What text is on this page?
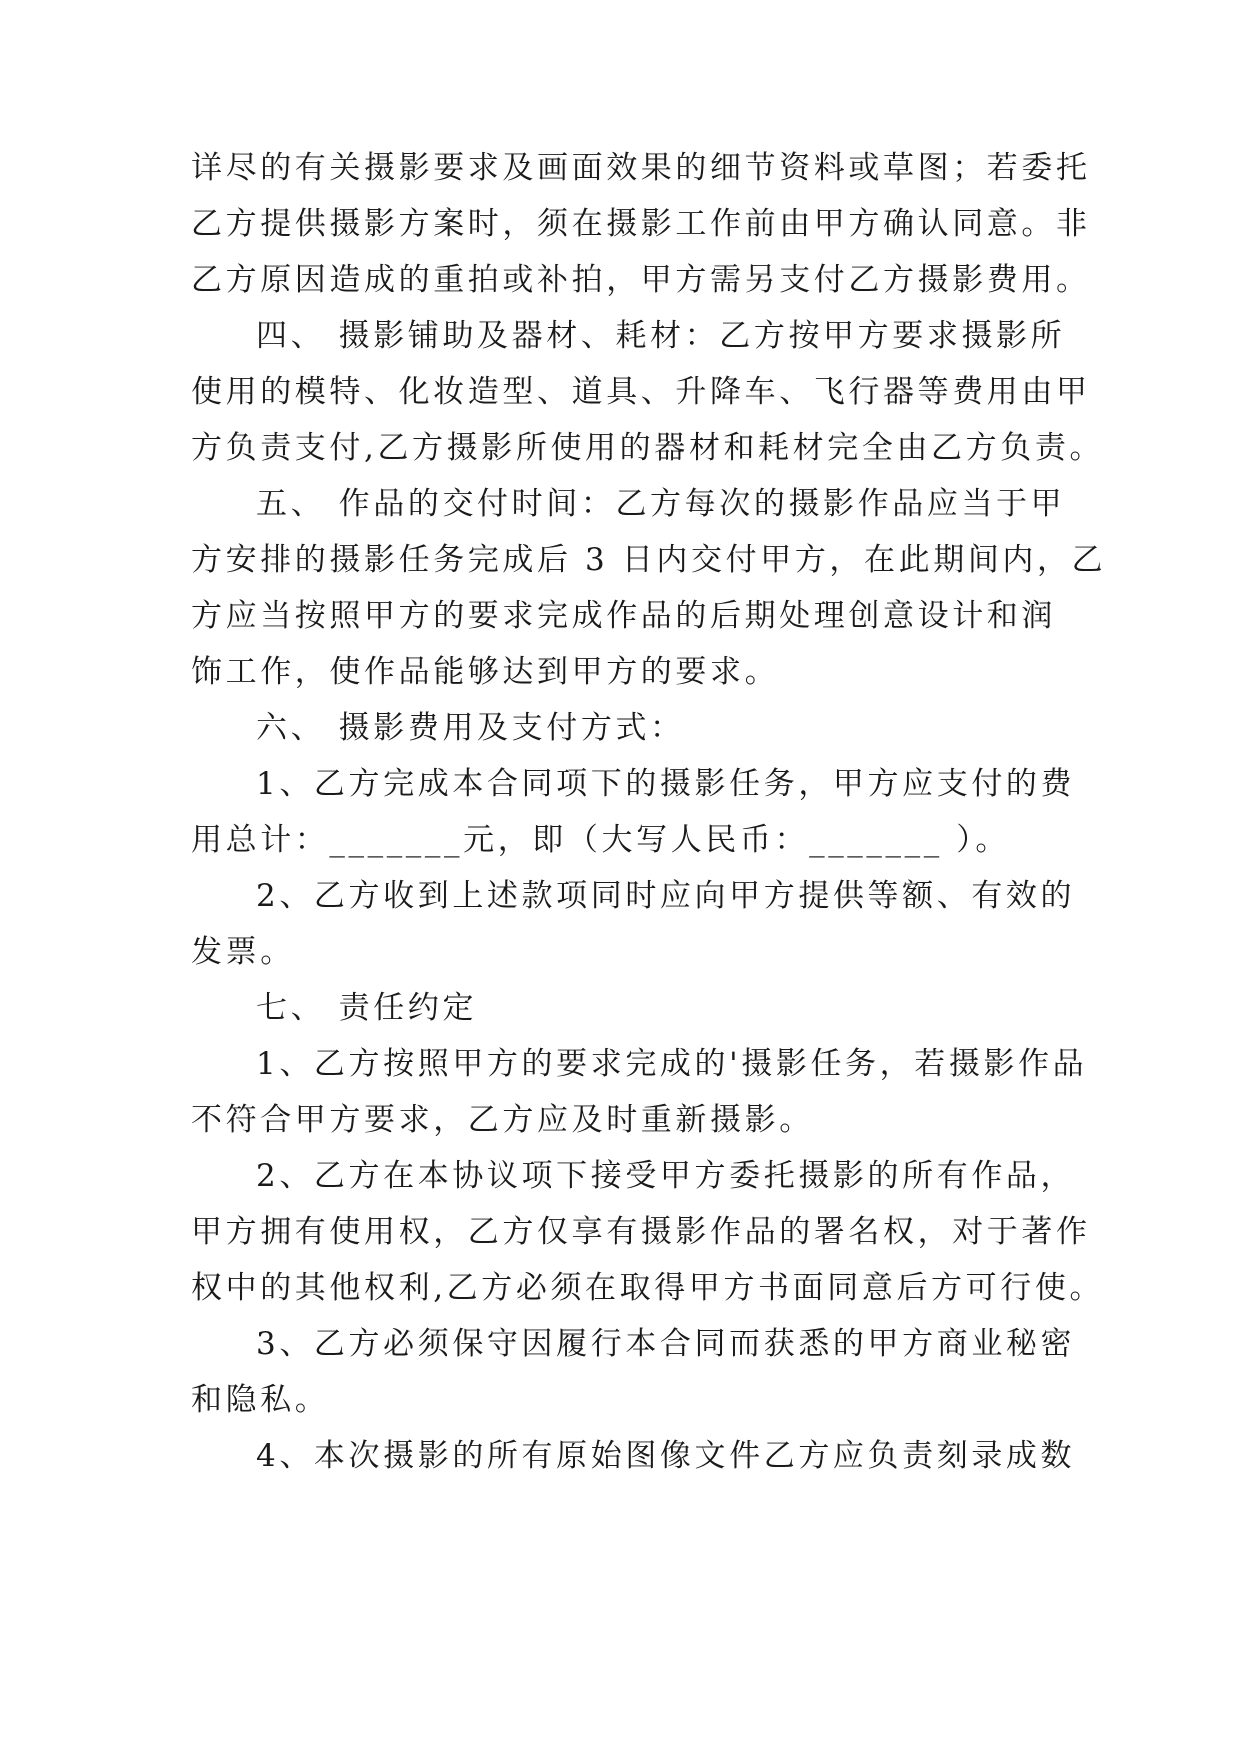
详尽的有关摄影要求及画面效果的细节资料或草图；若委托
乙方提供摄影方案时，须在摄影工作前由甲方确认同意。非
乙方原因造成的重拍或补拍，甲方需另支付乙方摄影费用。
四、 摄影铺助及器材、耗材：乙方按甲方要求摄影所
使用的模特、化妆造型、道具、升降车、飞行器等费用由甲
方负责支付,乙方摄影所使用的器材和耗材完全由乙方负责。
五、 作品的交付时间：乙方每次的摄影作品应当于甲
方安排的摄影任务完成后 3 日内交付甲方，在此期间内，乙
方应当按照甲方的要求完成作品的后期处理创意设计和润
饰工作，使作品能够达到甲方的要求。
六、 摄影费用及支付方式：
1、乙方完成本合同项下的摄影任务，甲方应支付的费
用总计：_______元，即（大写人民币：_______ ）。
2、乙方收到上述款项同时应向甲方提供等额、有效的
发票。
七、 责任约定
1、乙方按照甲方的要求完成的'摄影任务，若摄影作品
不符合甲方要求，乙方应及时重新摄影。
2、乙方在本协议项下接受甲方委托摄影的所有作品，
甲方拥有使用权，乙方仅享有摄影作品的署名权，对于著作
权中的其他权利,乙方必须在取得甲方书面同意后方可行使。
3、乙方必须保守因履行本合同而获悉的甲方商业秘密
和隐私。
4、本次摄影的所有原始图像文件乙方应负责刻录成数
